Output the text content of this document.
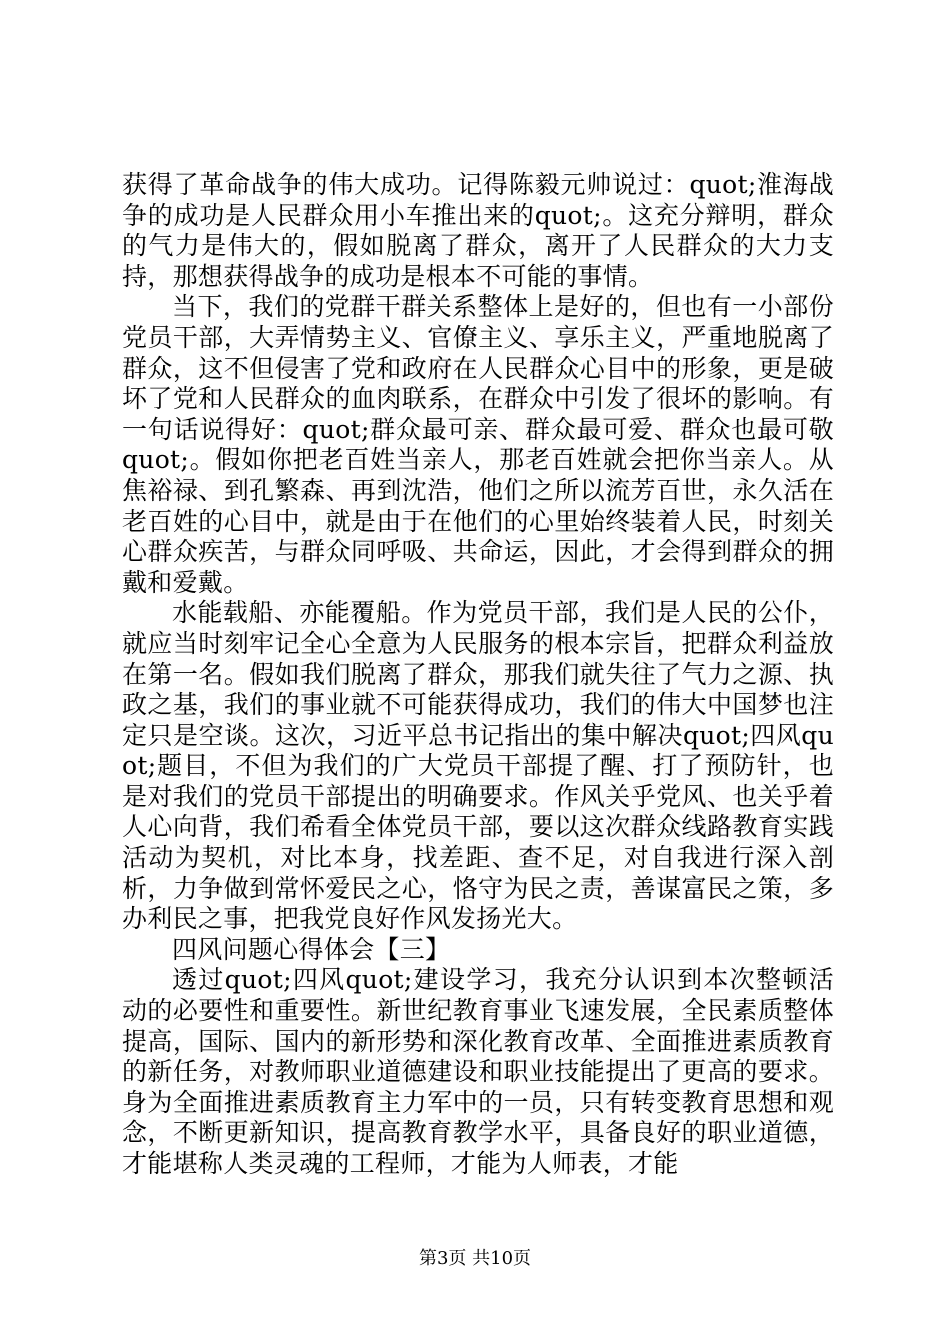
获得了革命战争的伟大成功。记得陈毅元帅说过：quot;淮海战争的成功是人民群众用小车推出来的quot;。这充分辩明，群众的气力是伟大的，假如脱离了群众，离开了人民群众的大力支持，那想获得战争的成功是根本不可能的事情。

当下，我们的党群干群关系整体上是好的，但也有一小部份党员干部，大弄情势主义、官僚主义、享乐主义，严重地脱离了群众，这不但侵害了党和政府在人民群众心目中的形象，更是破坏了党和人民群众的血肉联系，在群众中引发了很坏的影响。有一句话说得好：quot;群众最可亲、群众最可爱、群众也最可敬quot;。假如你把老百姓当亲人，那老百姓就会把你当亲人。从焦裕禄、到孔繁森、再到沈浩，他们之所以流芳百世，永久活在老百姓的心目中，就是由于在他们的心里始终装着人民，时刻关心群众疾苦，与群众同呼吸、共命运，因此，才会得到群众的拥戴和爱戴。

水能载船、亦能覆船。作为党员干部，我们是人民的公仆，就应当时刻牢记全心全意为人民服务的根本宗旨，把群众利益放在第一名。假如我们脱离了群众，那我们就失往了气力之源、执政之基，我们的事业就不可能获得成功，我们的伟大中国梦也注定只是空谈。这次，习近平总书记指出的集中解决quot;四风quot;题目，不但为我们的广大党员干部提了醒、打了预防针，也是对我们的党员干部提出的明确要求。作风关乎党风、也关乎着人心向背，我们希看全体党员干部，要以这次群众线路教育实践活动为契机，对比本身，找差距、查不足，对自我进行深入剖析，力争做到常怀爱民之心，恪守为民之责，善谋富民之策，多办利民之事，把我党良好作风发扬光大。

四风问题心得体会【三】

透过quot;四风quot;建设学习，我充分认识到本次整顿活动的必要性和重要性。新世纪教育事业飞速发展，全民素质整体提高，国际、国内的新形势和深化教育改革、全面推进素质教育的新任务，对教师职业道德建设和职业技能提出了更高的要求。身为全面推进素质教育主力军中的一员，只有转变教育思想和观念，不断更新知识，提高教育教学水平，具备良好的职业道德，才能堪称人类灵魂的工程师，才能为人师表，才能

第3页 共10页
